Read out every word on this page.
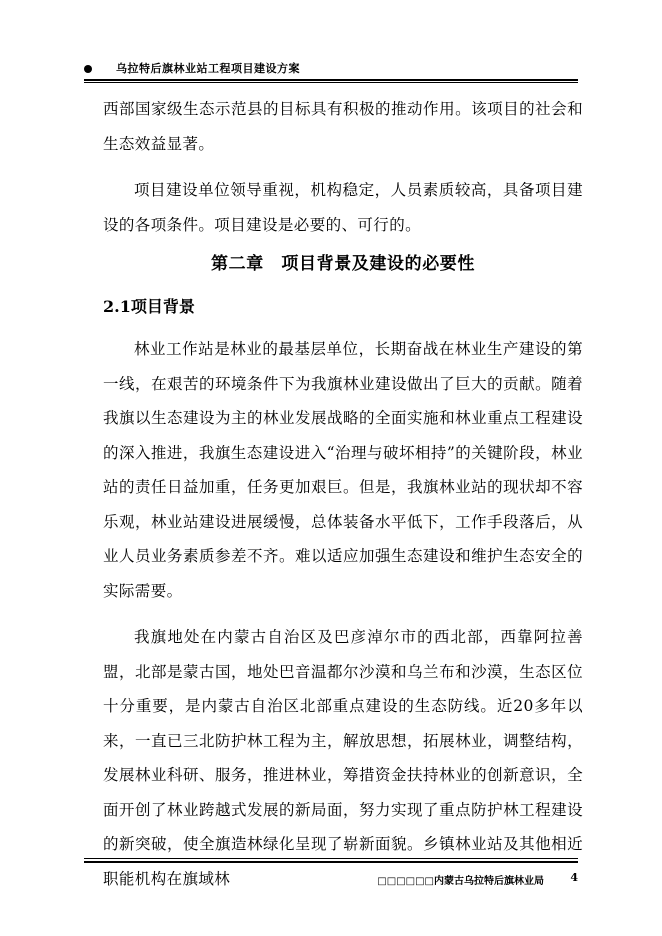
乌拉特后旗林业站工程项目建设方案

西部国家级生态示范县的目标具有积极的推动作用。该项目的社会和生态效益显著。

项目建设单位领导重视，机构稳定，人员素质较高，具备项目建设的各项条件。项目建设是必要的、可行的。

第二章　项目背景及建设的必要性
2.1项目背景

林业工作站是林业的最基层单位，长期奋战在林业生产建设的第一线，在艰苦的环境条件下为我旗林业建设做出了巨大的贡献。随着我旗以生态建设为主的林业发展战略的全面实施和林业重点工程建设的深入推进，我旗生态建设进入“治理与破坏相持”的关键阶段，林业站的责任日益加重，任务更加艰巨。但是，我旗林业站的现状却不容乐观，林业站建设进展缓慢，总体装备水平低下，工作手段落后，从业人员业务素质参差不齐。难以适应加强生态建设和维护生态安全的实际需要。

我旗地处在内蒙古自治区及巴彦淖尔市的西北部，西靠阿拉善盟，北部是蒙古国，地处巴音温都尔沙漠和乌兰布和沙漠，生态区位十分重要，是内蒙古自治区北部重点建设的生态防线。近20多年以来，一直已三北防护林工程为主，解放思想，拓展林业，调整结构，发展林业科研、服务，推进林业，筹措资金扶持林业的创新意识，全面开创了林业跨越式发展的新局面，努力实现了重点防护林工程建设的新突破，使全旗造林绿化呈现了崭新面貌。乡镇林业站及其他相近职能机构在旗域林	□□□□□□内蒙古乌拉特后旗林业局 4
